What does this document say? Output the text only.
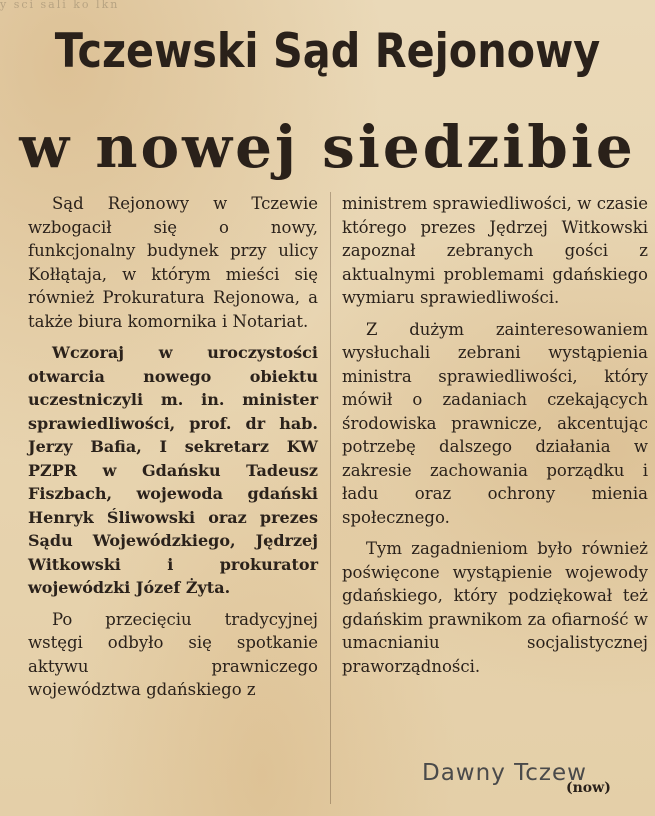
y sci sali ko lkn
Tczewski Sąd Rejonowy
w nowej siedzibie

Sąd Rejonowy w Tczewie wzbogacił się o nowy, funkcjonalny budynek przy ulicy Kołłątaja, w którym mieści się również Prokuratura Rejonowa, a także biura komornika i Notariat.

Wczoraj w uroczystości otwarcia nowego obiektu uczestniczyli m. in. minister sprawiedliwości, prof. dr hab. Jerzy Bafia, I sekretarz KW PZPR w Gdańsku Tadeusz Fiszbach, wojewoda gdański Henryk Śliwowski oraz prezes Sądu Wojewódzkiego, Jędrzej Witkowski i prokurator wojewódzki Józef Żyta.

Po przecięciu tradycyjnej wstęgi odbyło się spotkanie aktywu prawniczego województwa gdańskiego z

ministrem sprawiedliwości, w czasie którego prezes Jędrzej Witkowski zapoznał zebranych gości z aktualnymi problemami gdańskiego wymiaru sprawiedliwości.

Z dużym zainteresowaniem wysłuchali zebrani wystąpienia ministra sprawiedliwości, który mówił o zadaniach czekających środowiska prawnicze, akcentując potrzebę dalszego działania w zakresie zachowania porządku i ładu oraz ochrony mienia społecznego.

Tym zagadnieniom było również poświęcone wystąpienie wojewody gdańskiego, który podziękował też gdańskim prawnikom za ofiarność w umacnianiu socjalistycznej praworządności.

Dawny Tczew
(now)
